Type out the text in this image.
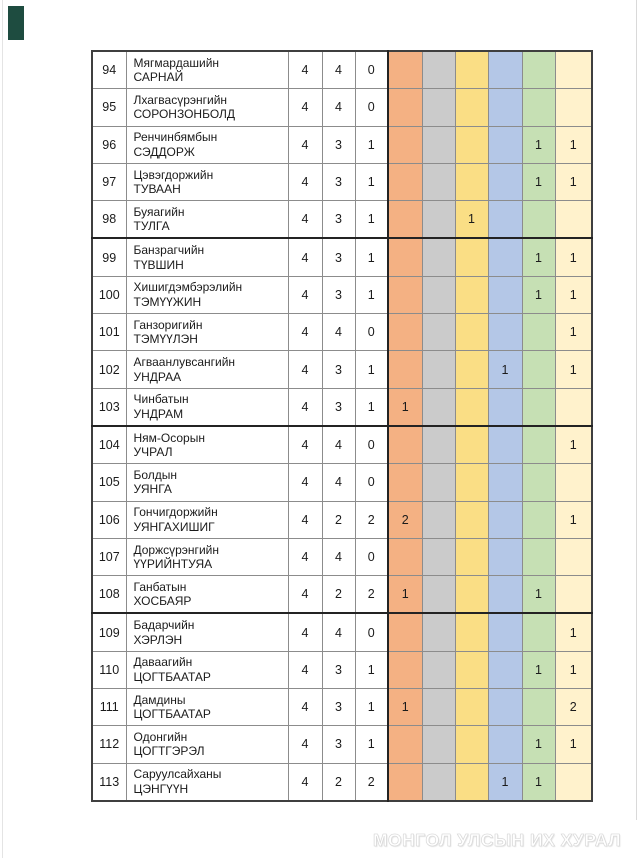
94	Мягмардашийн
САРНАЙ	4	4	0						
95	Лхагвасүрэнгийн
СОРОНЗОНБОЛД	4	4	0						
96	Ренчинбямбын
СЭДДОРЖ	4	3	1					1	1
97	Цэвэгдоржийн
ТУВААН	4	3	1					1	1
98	Буяагийн
ТУЛГА	4	3	1			1			
99	Банзрагчийн
ТҮВШИН	4	3	1					1	1
100	Хишигдэмбэрэлийн
ТЭМҮҮЖИН	4	3	1					1	1
101	Ганзоригийн
ТЭМҮҮЛЭН	4	4	0						1
102	Агваанлувсангийн
УНДРАА	4	3	1				1		1
103	Чинбатын
УНДРАМ	4	3	1	1					
104	Ням-Осорын
УЧРАЛ	4	4	0						1
105	Болдын
УЯНГА	4	4	0						
106	Гончигдоржийн
УЯНГАХИШИГ	4	2	2	2					1
107	Доржсүрэнгийн
ҮҮРИЙНТУЯА	4	4	0						
108	Ганбатын
ХОСБАЯР	4	2	2	1				1	
109	Бадарчийн
ХЭРЛЭН	4	4	0						1
110	Даваагийн
ЦОГТБААТАР	4	3	1					1	1
111	Дамдины
ЦОГТБААТАР	4	3	1	1					2
112	Одонгийн
ЦОГТГЭРЭЛ	4	3	1					1	1
113	Саруулсайханы
ЦЭНГҮҮН	4	2	2				1	1	
МОНГОЛ УЛСЫН ИХ ХУРАЛ
